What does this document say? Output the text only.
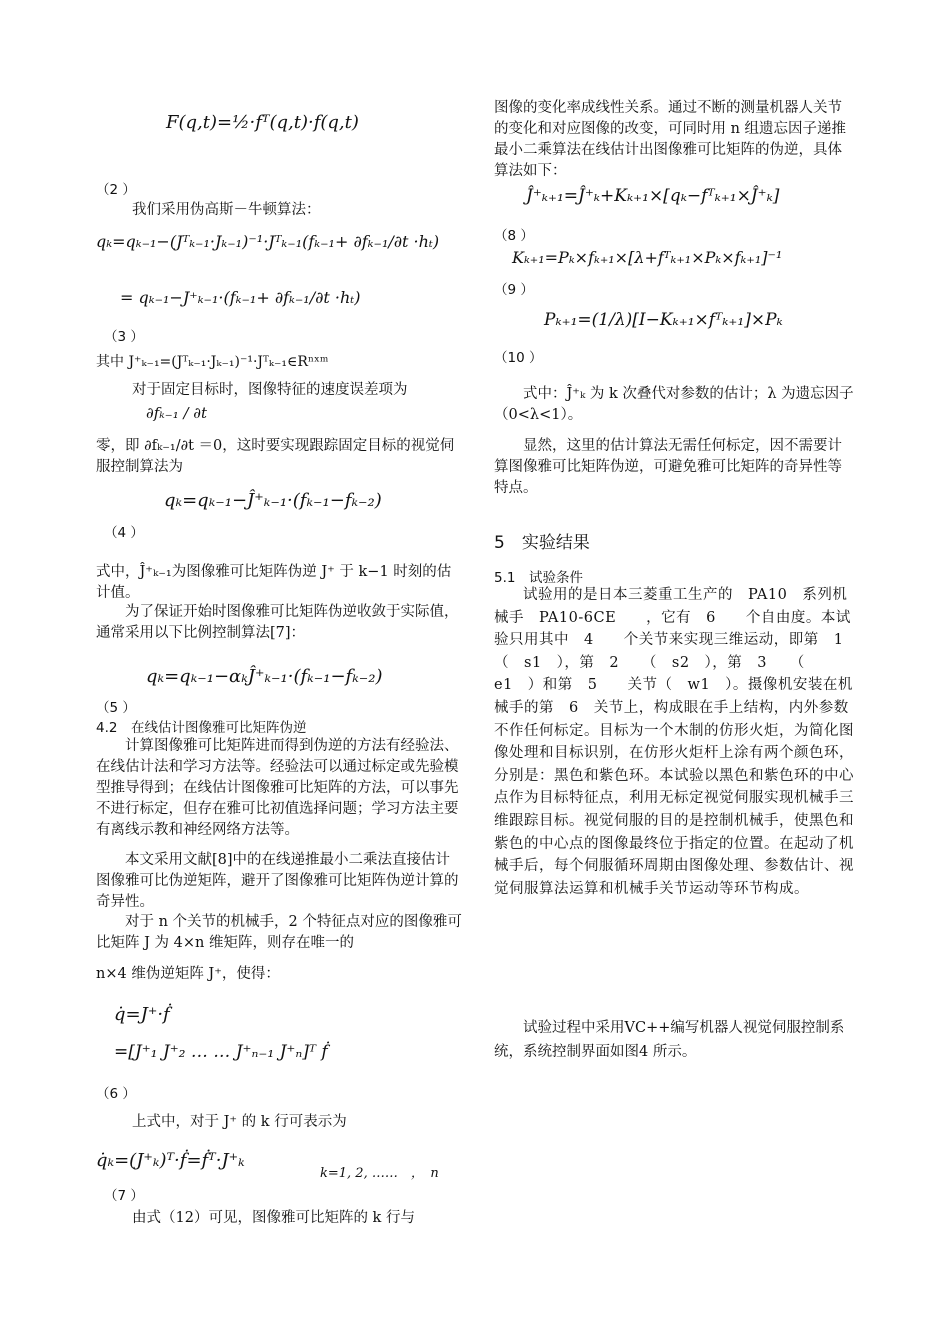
F(q,t)=½·fᵀ(q,t)·f(q,t)
（2 ）

我们采用伪高斯－牛顿算法：

qₖ=qₖ₋₁−(Jᵀₖ₋₁·Jₖ₋₁)⁻¹·Jᵀₖ₋₁(fₖ₋₁+ ∂fₖ₋₁/∂t ·hₜ)
= qₖ₋₁−J⁺ₖ₋₁·(fₖ₋₁+ ∂fₖ₋₁/∂t ·hₜ)
（3 ）

其中 J⁺ₖ₋₁=(Jᵀₖ₋₁·Jₖ₋₁)⁻¹·Jᵀₖ₋₁∈Rⁿˣᵐ

对于固定目标时，图像特征的速度误差项为

∂fₖ₋₁ / ∂t

零，即 ∂fₖ₋₁/∂t ＝0，这时要实现跟踪固定目标的视觉伺服控制算法为

qₖ=qₖ₋₁−Ĵ⁺ₖ₋₁·(fₖ₋₁−fₖ₋₂)
（4 ）

式中，Ĵ⁺ₖ₋₁为图像雅可比矩阵伪逆 J⁺ 于 k−1 时刻的估计值。

为了保证开始时图像雅可比矩阵伪逆收敛于实际值，通常采用以下比例控制算法[7]：

qₖ=qₖ₋₁−αₖĴ⁺ₖ₋₁·(fₖ₋₁−fₖ₋₂)
（5 ）
4.2　在线估计图像雅可比矩阵伪逆

计算图像雅可比矩阵进而得到伪逆的方法有经验法、在线估计法和学习方法等。经验法可以通过标定或先验模型推导得到；在线估计图像雅可比矩阵的方法，可以事先不进行标定，但存在雅可比初值选择问题；学习方法主要有离线示教和神经网络方法等。

本文采用文献[8]中的在线递推最小二乘法直接估计图像雅可比伪逆矩阵，避开了图像雅可比矩阵伪逆计算的奇异性。

对于 n 个关节的机械手，2 个特征点对应的图像雅可比矩阵 J 为 4×n 维矩阵，则存在唯一的

n×4 维伪逆矩阵 J⁺，使得：

q̇=J⁺·ḟ
=[J⁺₁ J⁺₂ … … J⁺ₙ₋₁ J⁺ₙ]ᵀ ḟ
（6 ）

上式中，对于 J⁺ 的 k 行可表示为

q̇ₖ=(J⁺ₖ)ᵀ·ḟ=ḟᵀ·J⁺ₖ
k=1, 2, ……　，　n
（7 ）

由式（12）可见，图像雅可比矩阵的 k 行与

图像的变化率成线性关系。通过不断的测量机器人关节的变化和对应图像的改变，可同时用 n 组遗忘因子递推最小二乘算法在线估计出图像雅可比矩阵的伪逆，具体算法如下：

Ĵ⁺ₖ₊₁=Ĵ⁺ₖ+Kₖ₊₁×[qₖ−fᵀₖ₊₁×Ĵ⁺ₖ]
（8 ）
Kₖ₊₁=Pₖ×fₖ₊₁×[λ+fᵀₖ₊₁×Pₖ×fₖ₊₁]⁻¹
（9 ）
Pₖ₊₁=(1/λ)[I−Kₖ₊₁×fᵀₖ₊₁]×Pₖ
（10 ）

式中：Ĵ⁺ₖ 为 k 次叠代对参数的估计；λ 为遗忘因子（0<λ<1）。

显然，这里的估计算法无需任何标定，因不需要计算图像雅可比矩阵伪逆，可避免雅可比矩阵的奇异性等特点。

5　实验结果
5.1　试验条件

试验用的是日本三菱重工生产的　PA10　系列机械手　PA10-6CE　　，它有　6　　个自由度。本试验只用其中　4　　个关节来实现三维运动，即第　1　　（　s1　），第　2　　（　s2　），第　3　　（　e1　）和第　5　　关节（　w1　）。摄像机安装在机械手的第　6　关节上，构成眼在手上结构，内外参数不作任何标定。目标为一个木制的仿形火炬，为简化图像处理和目标识别，在仿形火炬杆上涂有两个颜色环，分别是：黑色和紫色环。本试验以黑色和紫色环的中心点作为目标特征点，利用无标定视觉伺服实现机械手三维跟踪目标。视觉伺服的目的是控制机械手，使黑色和紫色的中心点的图像最终位于指定的位置。在起动了机械手后，每个伺服循环周期由图像处理、参数估计、视觉伺服算法运算和机械手关节运动等环节构成。

试验过程中采用VC++编写机器人视觉伺服控制系统，系统控制界面如图4 所示。
